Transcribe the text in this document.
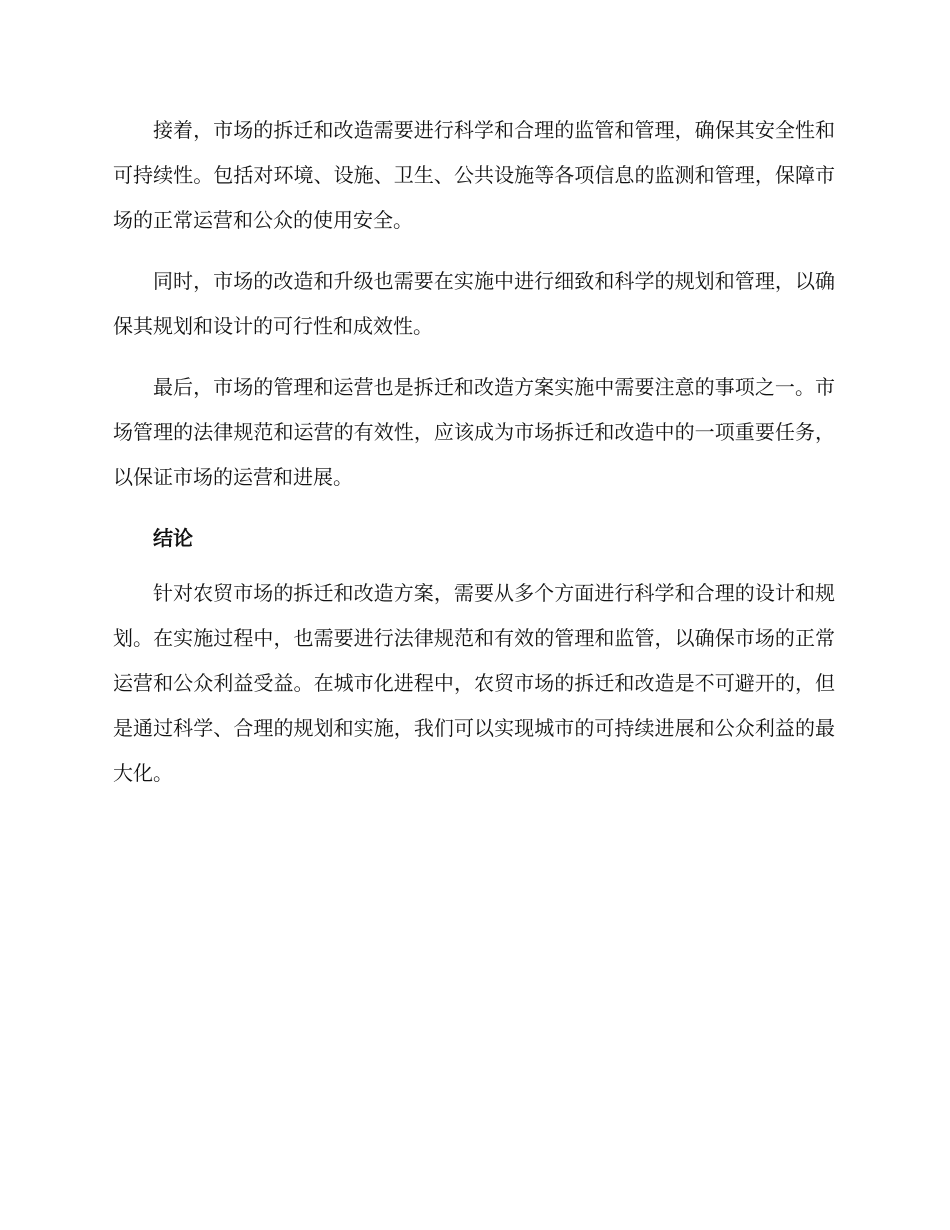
接着，市场的拆迁和改造需要进行科学和合理的监管和管理，确保其安全性和可持续性。包括对环境、设施、卫生、公共设施等各项信息的监测和管理，保障市场的正常运营和公众的使用安全。

同时，市场的改造和升级也需要在实施中进行细致和科学的规划和管理，以确保其规划和设计的可行性和成效性。

最后，市场的管理和运营也是拆迁和改造方案实施中需要注意的事项之一。市场管理的法律规范和运营的有效性，应该成为市场拆迁和改造中的一项重要任务，以保证市场的运营和进展。

结论

针对农贸市场的拆迁和改造方案，需要从多个方面进行科学和合理的设计和规划。在实施过程中，也需要进行法律规范和有效的管理和监管，以确保市场的正常运营和公众利益受益。在城市化进程中，农贸市场的拆迁和改造是不可避开的，但是通过科学、合理的规划和实施，我们可以实现城市的可持续进展和公众利益的最大化。
